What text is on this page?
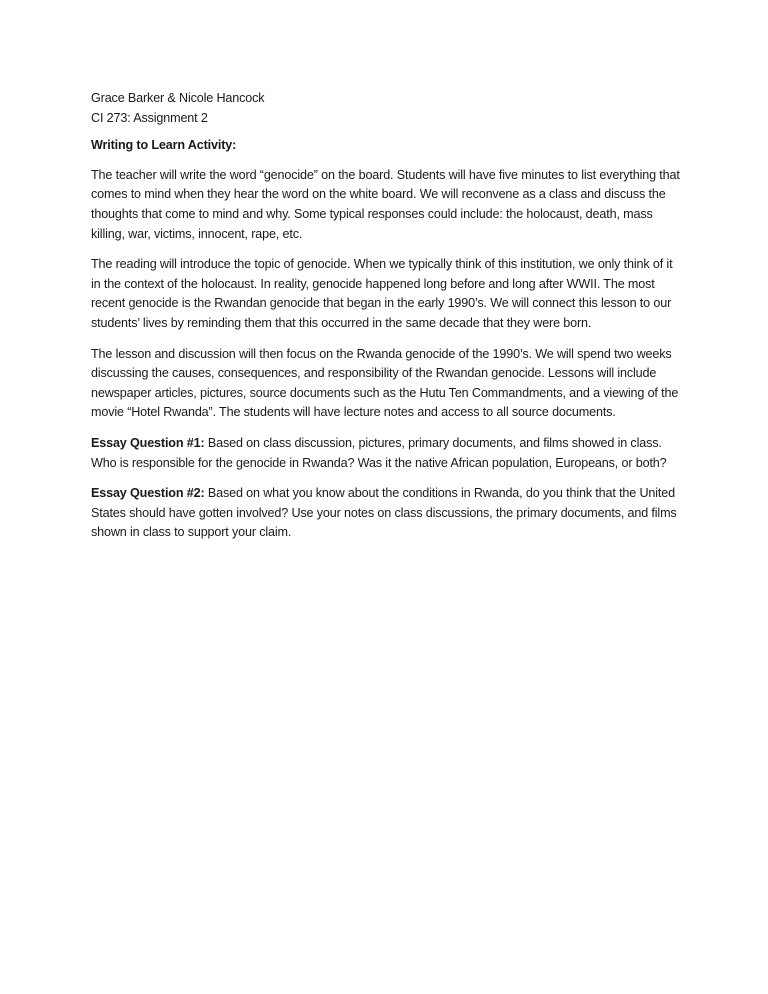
Grace Barker & Nicole Hancock

CI 273: Assignment 2

Writing to Learn Activity:

The teacher will write the word “genocide” on the board. Students will have five minutes to list everything that comes to mind when they hear the word on the white board. We will reconvene as a class and discuss the thoughts that come to mind and why. Some typical responses could include: the holocaust, death, mass killing, war, victims, innocent, rape, etc.

The reading will introduce the topic of genocide. When we typically think of this institution, we only think of it in the context of the holocaust. In reality, genocide happened long before and long after WWII. The most recent genocide is the Rwandan genocide that began in the early 1990’s. We will connect this lesson to our students’ lives by reminding them that this occurred in the same decade that they were born.

The lesson and discussion will then focus on the Rwanda genocide of the 1990’s. We will spend two weeks discussing the causes, consequences, and responsibility of the Rwandan genocide. Lessons will include newspaper articles, pictures, source documents such as the Hutu Ten Commandments, and a viewing of the movie “Hotel Rwanda”. The students will have lecture notes and access to all source documents.

Essay Question #1: Based on class discussion, pictures, primary documents, and films showed in class. Who is responsible for the genocide in Rwanda? Was it the native African population, Europeans, or both?

Essay Question #2: Based on what you know about the conditions in Rwanda, do you think that the United States should have gotten involved? Use your notes on class discussions, the primary documents, and films shown in class to support your claim.
